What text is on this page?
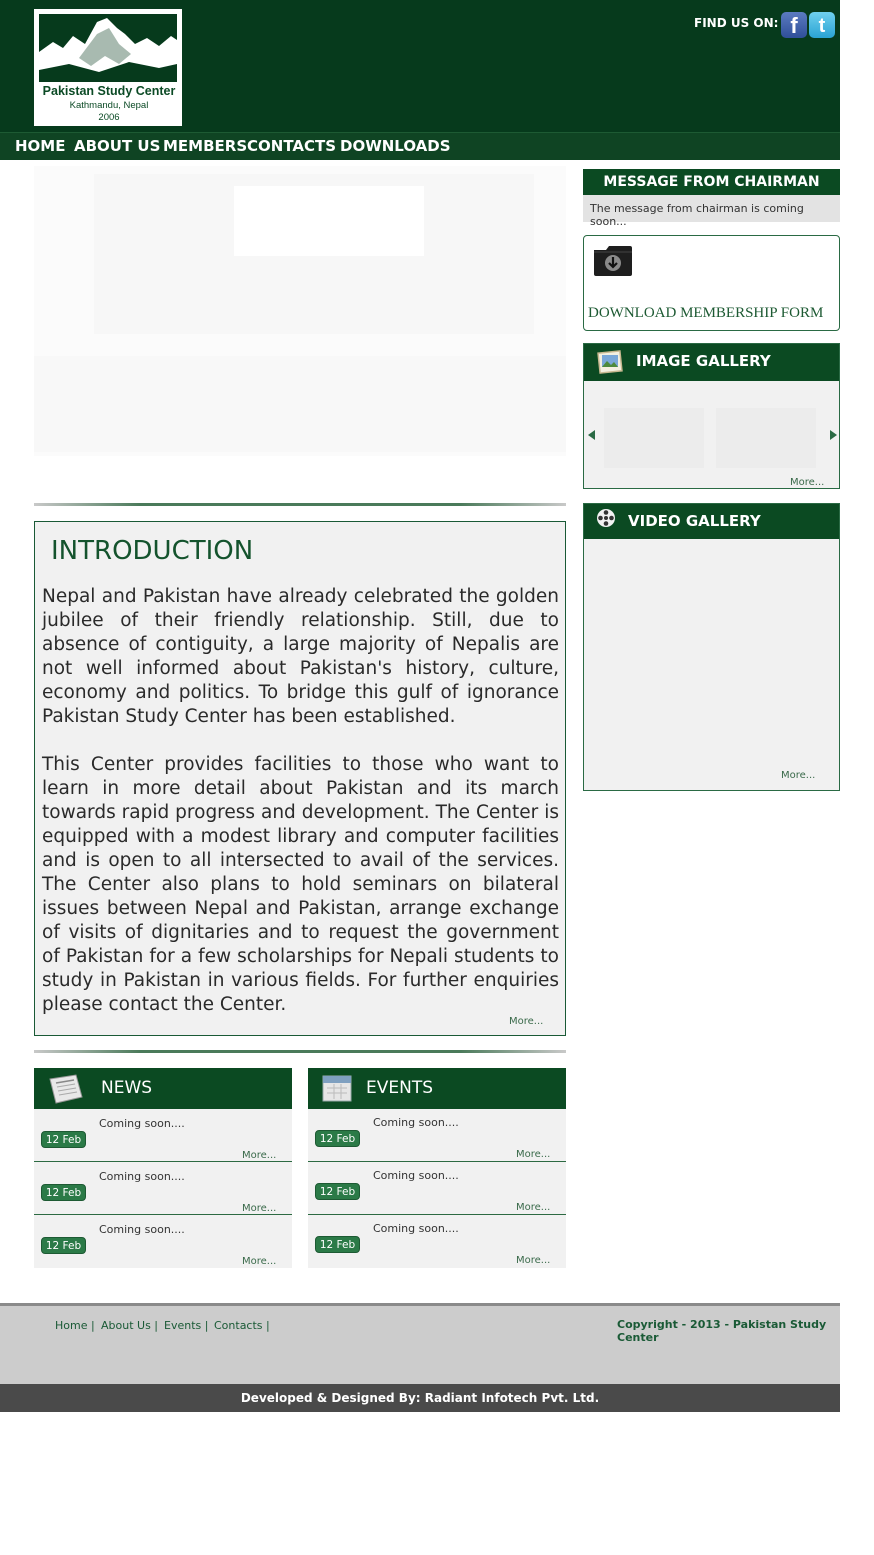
Pakistan Study Center
Kathmandu, Nepal
2006
FIND US ON: f	t
HOME ABOUT US MEMBERS CONTACTS DOWNLOADS
INTRODUCTION
Nepal and Pakistan have already celebrated the golden jubilee of their friendly relationship. Still, due to absence of contiguity, a large majority of Nepalis are not well informed about Pakistan's history, culture, economy and politics. To bridge this gulf of ignorance Pakistan Study Center has been established.
This Center provides facilities to those who want to learn in more detail about Pakistan and its march towards rapid progress and development. The Center is equipped with a modest library and computer facilities and is open to all intersected to avail of the services. The Center also plans to hold seminars on bilateral issues between Nepal and Pakistan, arrange exchange of visits of dignitaries and to request the government of Pakistan for a few scholarships for Nepali students to study in Pakistan in various fields. For further enquiries please contact the Center.
More...
NEWS
Coming soon....
12 Feb
More...
Coming soon....
12 Feb
More...
Coming soon....
12 Feb
More...
EVENTS
Coming soon....
12 Feb
More...
Coming soon....
12 Feb
More...
Coming soon....
12 Feb
More...
MESSAGE FROM CHAIRMAN
The message from chairman is coming soon...
DOWNLOAD MEMBERSHIP FORM
IMAGE GALLERY
More...
VIDEO GALLERY
More...
Home | About Us | Events | Contacts |	Copyright - 2013 - Pakistan Study Center
Developed & Designed By: Radiant Infotech Pvt. Ltd.
